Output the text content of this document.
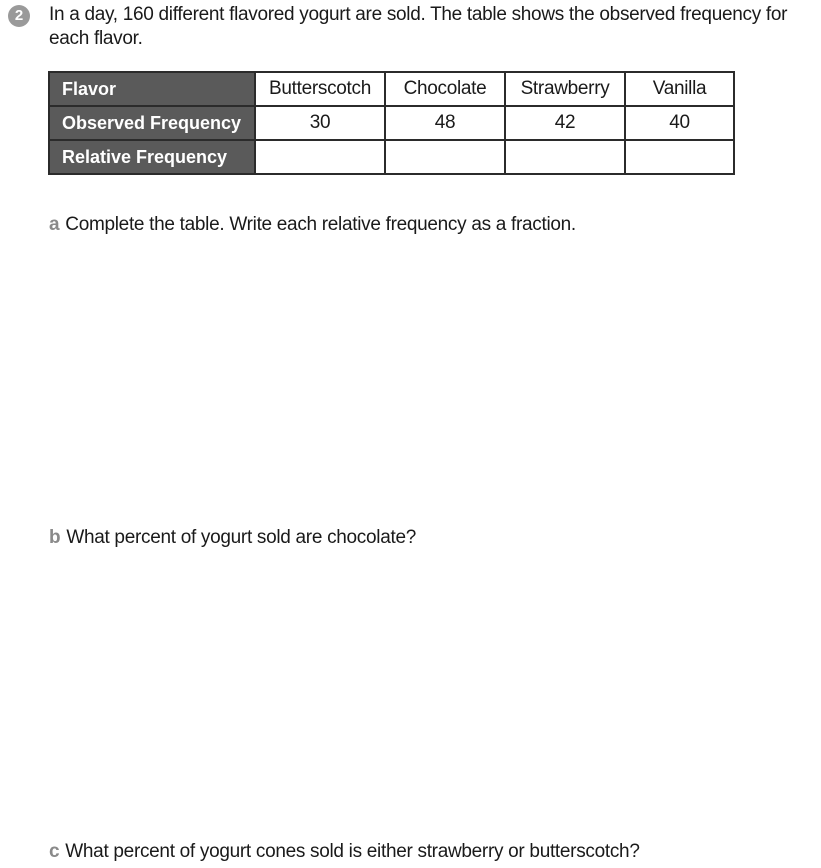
2	In a day, 160 different flavored yogurt are sold. The table shows the observed frequency for each flavor.
Flavor	Butterscotch	Chocolate	Strawberry	Vanilla
Observed Frequency	30	48	42	40
Relative Frequency				
a Complete the table. Write each relative frequency as a fraction.
b What percent of yogurt sold are chocolate?
c What percent of yogurt cones sold is either strawberry or butterscotch?
